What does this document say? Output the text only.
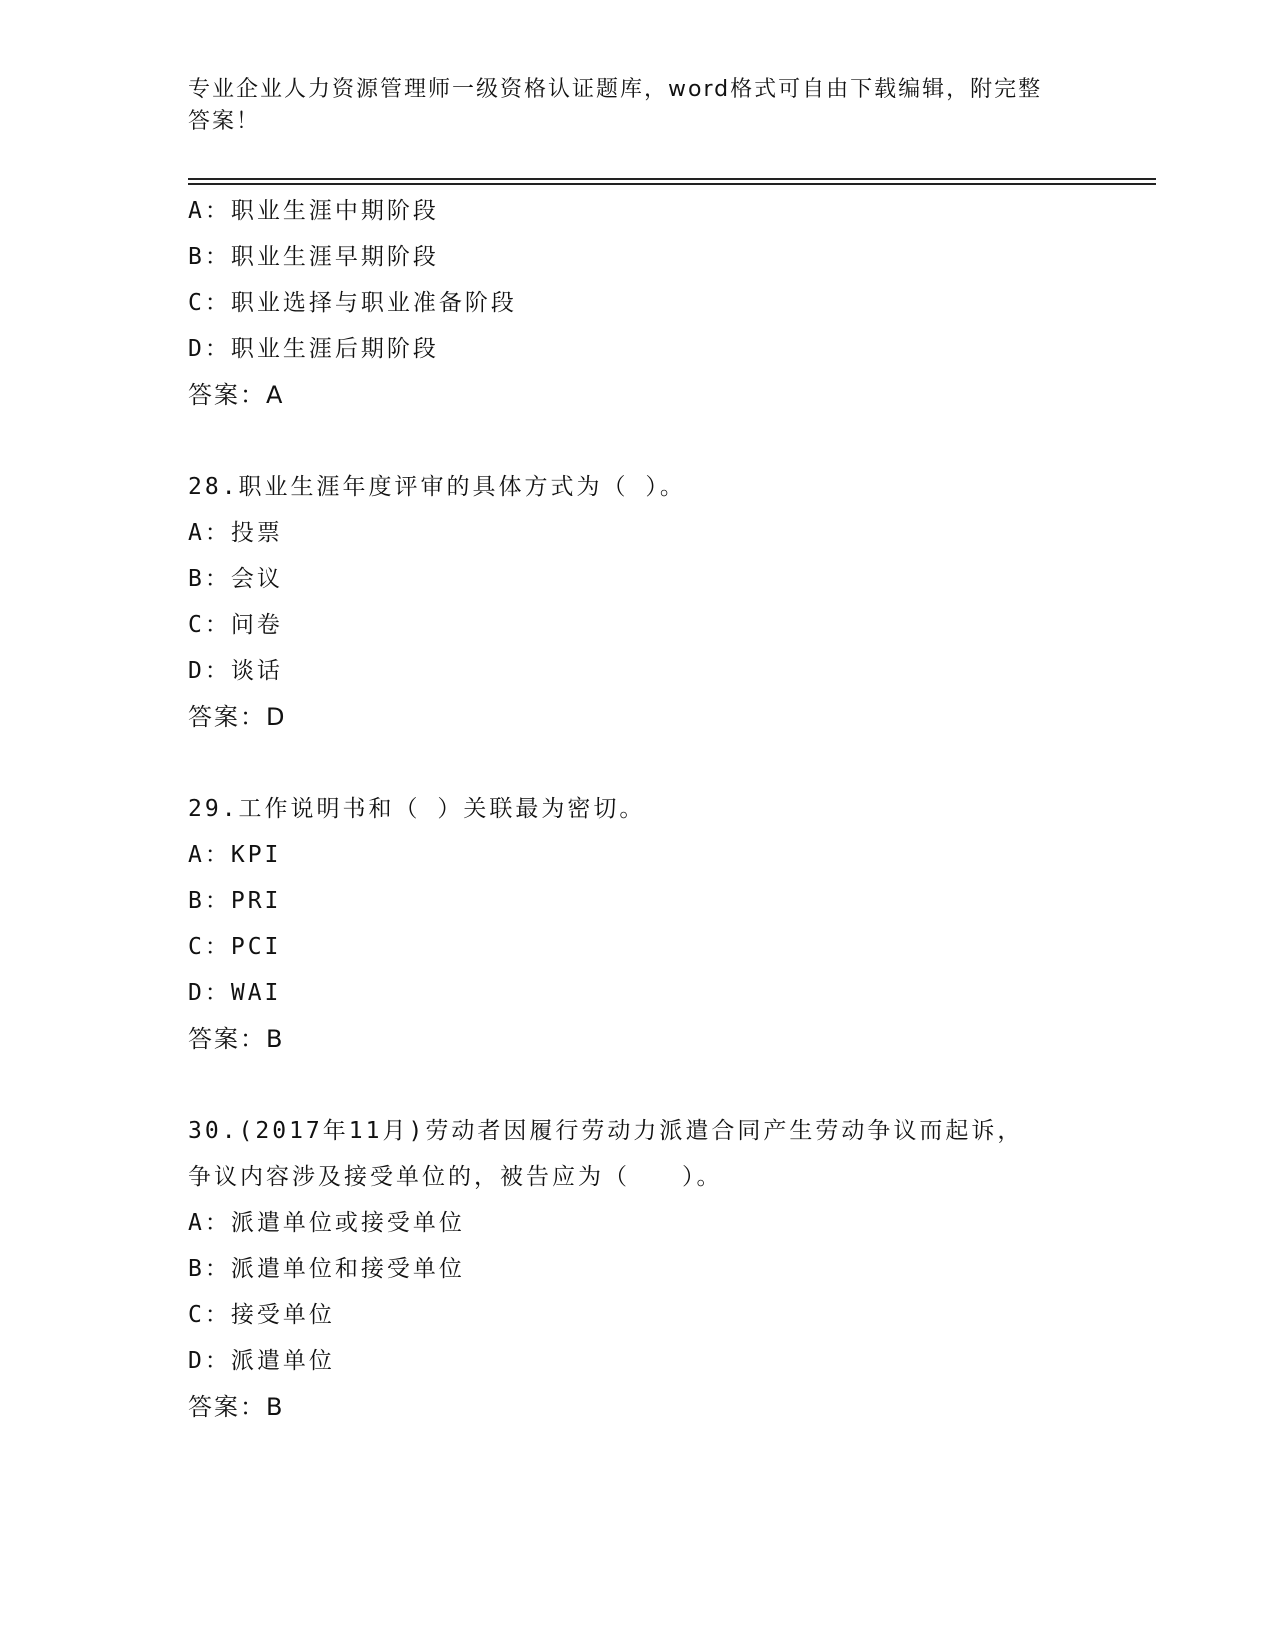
专业企业人力资源管理师一级资格认证题库，word格式可自由下载编辑，附完整
答案！
A：职业生涯中期阶段
B：职业生涯早期阶段
C：职业选择与职业准备阶段
D：职业生涯后期阶段
答案：A
28.职业生涯年度评审的具体方式为（ ）。
A：投票
B：会议
C：问卷
D：谈话
答案：D
29.工作说明书和（ ）关联最为密切。
A：KPI
B：PRI
C：PCI
D：WAI
答案：B
30.(2017年11月)劳动者因履行劳动力派遣合同产生劳动争议而起诉，
争议内容涉及接受单位的，被告应为（　　）。
A：派遣单位或接受单位
B：派遣单位和接受单位
C：接受单位
D：派遣单位
答案：B
